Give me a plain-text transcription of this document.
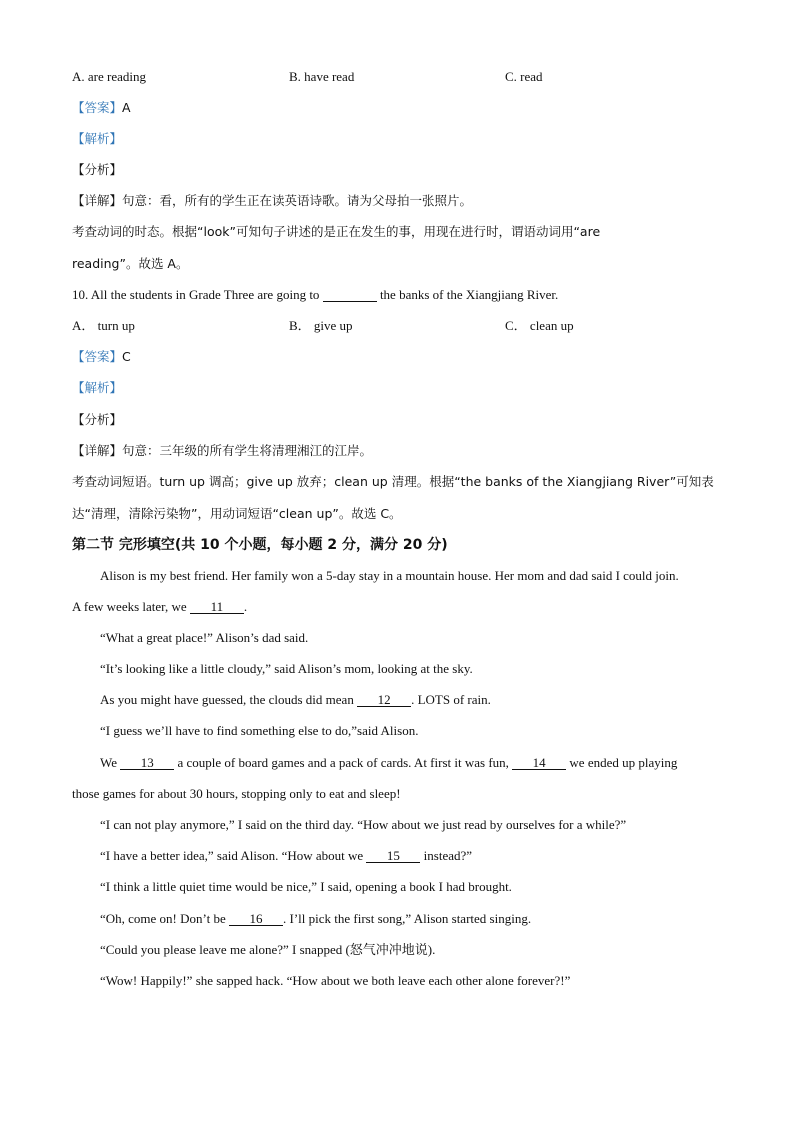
A. are reading	B. have read	C. read
【答案】A
【解析】
【分析】
【详解】句意：看，所有的学生正在读英语诗歌。请为父母拍一张照片。
考查动词的时态。根据“look”可知句子讲述的是正在发生的事，用现在进行时，谓语动词用“are
reading”。故选 A。
10. All the students in Grade Three are going to	the banks of the Xiangjiang River.
A． turn up	B． give up	C． clean up
【答案】C
【解析】
【分析】
【详解】句意：三年级的所有学生将清理湘江的江岸。
考查动词短语。turn up 调高；give up 放弃；clean up 清理。根据“the banks of the Xiangjiang River”可知表
达“清理，清除污染物”，用动词短语“clean up”。故选 C。
第二节 完形填空(共 10 个小题，每小题 2 分，满分 20 分)
Alison is my best friend. Her family won a 5-day stay in a mountain house. Her mom and dad said I could join.
A few weeks later, we 11 .
“What a great place!” Alison’s dad said.
“It’s looking like a little cloudy,” said Alison’s mom, looking at the sky.
As you might have guessed, the clouds did mean 12 . LOTS of rain.
“I guess we’ll have to find something else to do,”said Alison.
We 13 a couple of board games and a pack of cards. At first it was fun, 14 we ended up playing
those games for about 30 hours, stopping only to eat and sleep!
“I can not play anymore,” I said on the third day. “How about we just read by ourselves for a while?”
“I have a better idea,” said Alison. “How about we 15 instead?”
“I think a little quiet time would be nice,” I said, opening a book I had brought.
“Oh, come on! Don’t be 16 . I’ll pick the first song,” Alison started singing.
“Could you please leave me alone?” I snapped (怒气冲冲地说).
“Wow! Happily!” she sapped hack. “How about we both leave each other alone forever?!”
